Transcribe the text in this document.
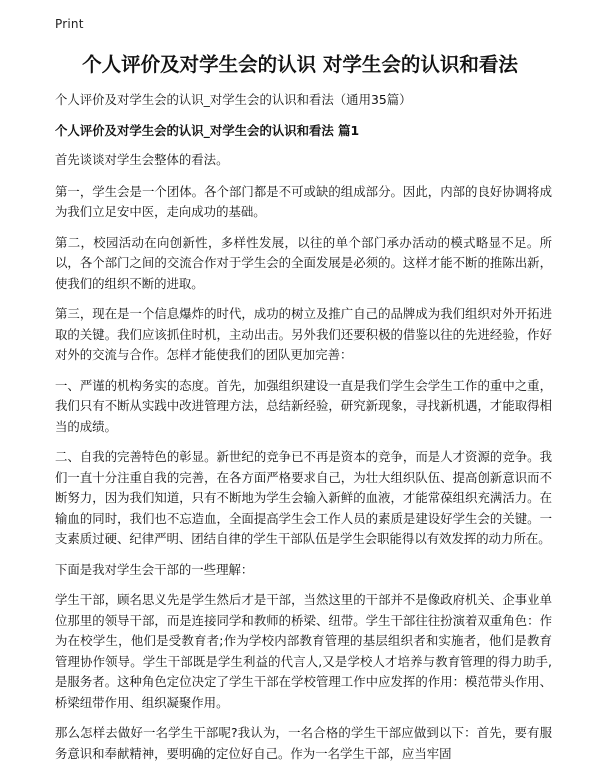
Print
个人评价及对学生会的认识 对学生会的认识和看法
个人评价及对学生会的认识_对学生会的认识和看法（通用35篇）
个人评价及对学生会的认识_对学生会的认识和看法 篇1

首先谈谈对学生会整体的看法。

第一，学生会是一个团体。各个部门都是不可或缺的组成部分。因此，内部的良好协调将成为我们立足安中医，走向成功的基础。

第二，校园活动在向创新性，多样性发展，以往的单个部门承办活动的模式略显不足。所以，各个部门之间的交流合作对于学生会的全面发展是必须的。这样才能不断的推陈出新，使我们的组织不断的进取。

第三，现在是一个信息爆炸的时代，成功的树立及推广自己的品牌成为我们组织对外开拓进取的关键。我们应该抓住时机，主动出击。另外我们还要积极的借鉴以往的先进经验，作好对外的交流与合作。怎样才能使我们的团队更加完善：

一、严谨的机构务实的态度。首先，加强组织建设一直是我们学生会学生工作的重中之重，我们只有不断从实践中改进管理方法，总结新经验，研究新现象，寻找新机遇，才能取得相当的成绩。

二、自我的完善特色的彰显。新世纪的竞争已不再是资本的竞争，而是人才资源的竞争。我们一直十分注重自我的完善，在各方面严格要求自己，为壮大组织队伍、提高创新意识而不断努力，因为我们知道，只有不断地为学生会输入新鲜的血液，才能常葆组织充满活力。在输血的同时，我们也不忘造血，全面提高学生会工作人员的素质是建设好学生会的关键。一支素质过硬、纪律严明、团结自律的学生干部队伍是学生会职能得以有效发挥的动力所在。

下面是我对学生会干部的一些理解：

学生干部，顾名思义先是学生然后才是干部，当然这里的干部并不是像政府机关、企事业单位那里的领导干部，而是连接同学和教师的桥梁、纽带。学生干部往往扮演着双重角色：作为在校学生，他们是受教育者;作为学校内部教育管理的基层组织者和实施者，他们是教育管理协作领导。学生干部既是学生利益的代言人,又是学校人才培养与教育管理的得力助手,是服务者。这种角色定位决定了学生干部在学校管理工作中应发挥的作用：模范带头作用、桥梁纽带作用、组织凝聚作用。

那么怎样去做好一名学生干部呢?我认为，一名合格的学生干部应做到以下：首先，要有服务意识和奉献精神，要明确的定位好自己。作为一名学生干部，应当牢固
